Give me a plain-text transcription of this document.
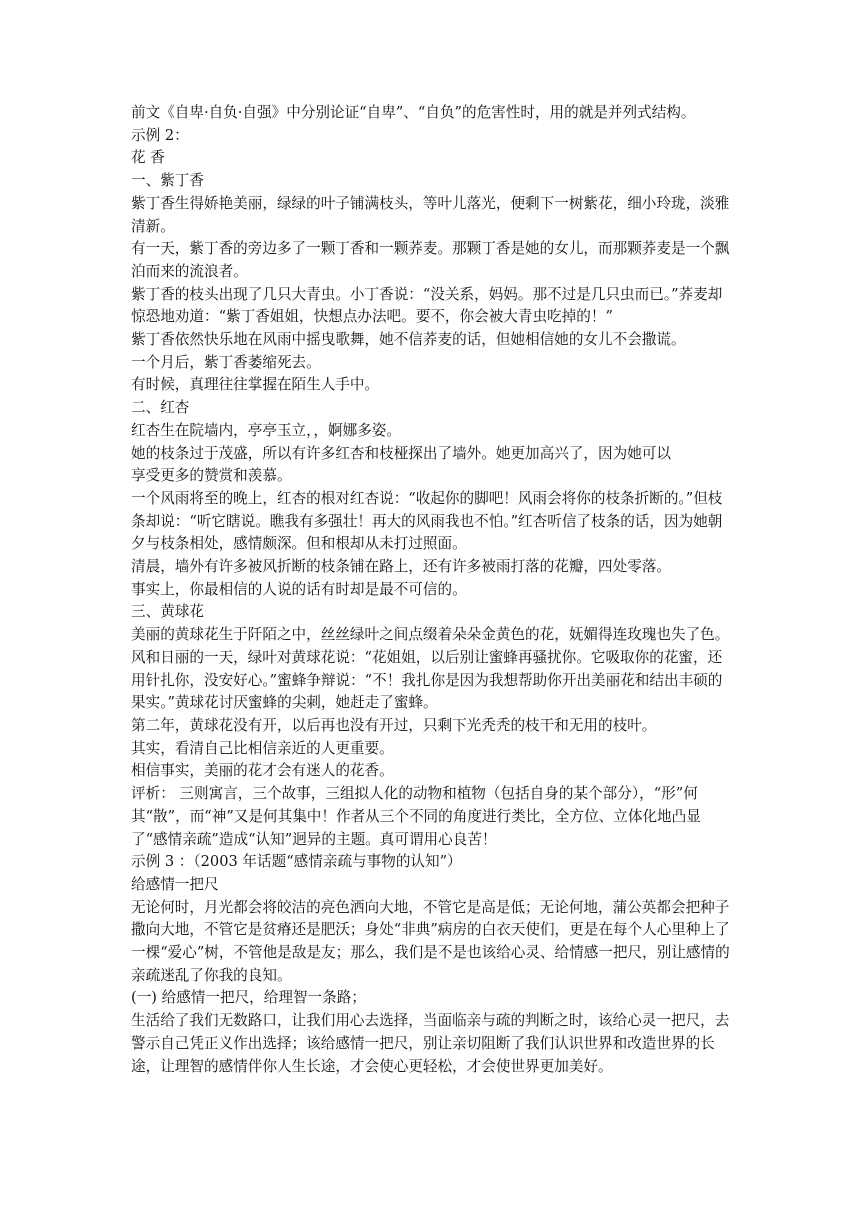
前文《自卑·自负·自强》中分别论证“自卑”、“自负”的危害性时，用的就是并列式结构。

示例 2：

花 香

一、紫丁香

紫丁香生得娇艳美丽，绿绿的叶子铺满枝头，等叶儿落光，便剩下一树紫花，细小玲珑，淡雅清新。

有一天，紫丁香的旁边多了一颗丁香和一颗荞麦。那颗丁香是她的女儿，而那颗荞麦是一个飘泊而来的流浪者。

紫丁香的枝头出现了几只大青虫。小丁香说：“没关系，妈妈。那不过是几只虫而已。”荞麦却惊恐地劝道：“紫丁香姐姐，快想点办法吧。要不，你会被大青虫吃掉的！”

紫丁香依然快乐地在风雨中摇曳歌舞，她不信荞麦的话，但她相信她的女儿不会撒谎。

一个月后，紫丁香萎缩死去。

有时候，真理往往掌握在陌生人手中。

二、红杏

红杏生在院墙内，亭亭玉立，，婀娜多姿。

她的枝条过于茂盛，所以有许多红杏和枝桠探出了墙外。她更加高兴了，因为她可以

享受更多的赞赏和羡慕。

一个风雨将至的晚上，红杏的根对红杏说：“收起你的脚吧！风雨会将你的枝条折断的。”但枝条却说：“听它瞎说。瞧我有多强壮！再大的风雨我也不怕。”红杏听信了枝条的话，因为她朝夕与枝条相处，感情颇深。但和根却从未打过照面。

清晨，墙外有许多被风折断的枝条铺在路上，还有许多被雨打落的花瓣，四处零落。

事实上，你最相信的人说的话有时却是最不可信的。

三、黄球花

美丽的黄球花生于阡陌之中，丝丝绿叶之间点缀着朵朵金黄色的花，妩媚得连玫瑰也失了色。

风和日丽的一天，绿叶对黄球花说：“花姐姐，以后别让蜜蜂再骚扰你。它吸取你的花蜜，还用针扎你，没安好心。”蜜蜂争辩说：“不！我扎你是因为我想帮助你开出美丽花和结出丰硕的果实。”黄球花讨厌蜜蜂的尖刺，她赶走了蜜蜂。

第二年，黄球花没有开，以后再也没有开过，只剩下光秃秃的枝干和无用的枝叶。

其实，看清自己比相信亲近的人更重要。

相信事实，美丽的花才会有迷人的花香。

评析： 三则寓言，三个故事，三组拟人化的动物和植物（包括自身的某个部分），“形”何其“散”，而“神”又是何其集中！作者从三个不同的角度进行类比，全方位、立体化地凸显了“感情亲疏”造成“认知”迥异的主题。真可谓用心良苦！

示例 3 ：（2003 年话题“感情亲疏与事物的认知”）

给感情一把尺

无论何时，月光都会将皎洁的亮色洒向大地，不管它是高是低；无论何地，蒲公英都会把种子撒向大地，不管它是贫瘠还是肥沃；身处“非典”病房的白衣天使们，更是在每个人心里种上了一棵“爱心”树，不管他是敌是友；那么，我们是不是也该给心灵、给情感一把尺，别让感情的亲疏迷乱了你我的良知。

(一) 给感情一把尺，给理智一条路；

生活给了我们无数路口，让我们用心去选择，当面临亲与疏的判断之时，该给心灵一把尺，去警示自己凭正义作出选择；该给感情一把尺，别让亲切阻断了我们认识世界和改造世界的长途，让理智的感情伴你人生长途，才会使心更轻松，才会使世界更加美好。
